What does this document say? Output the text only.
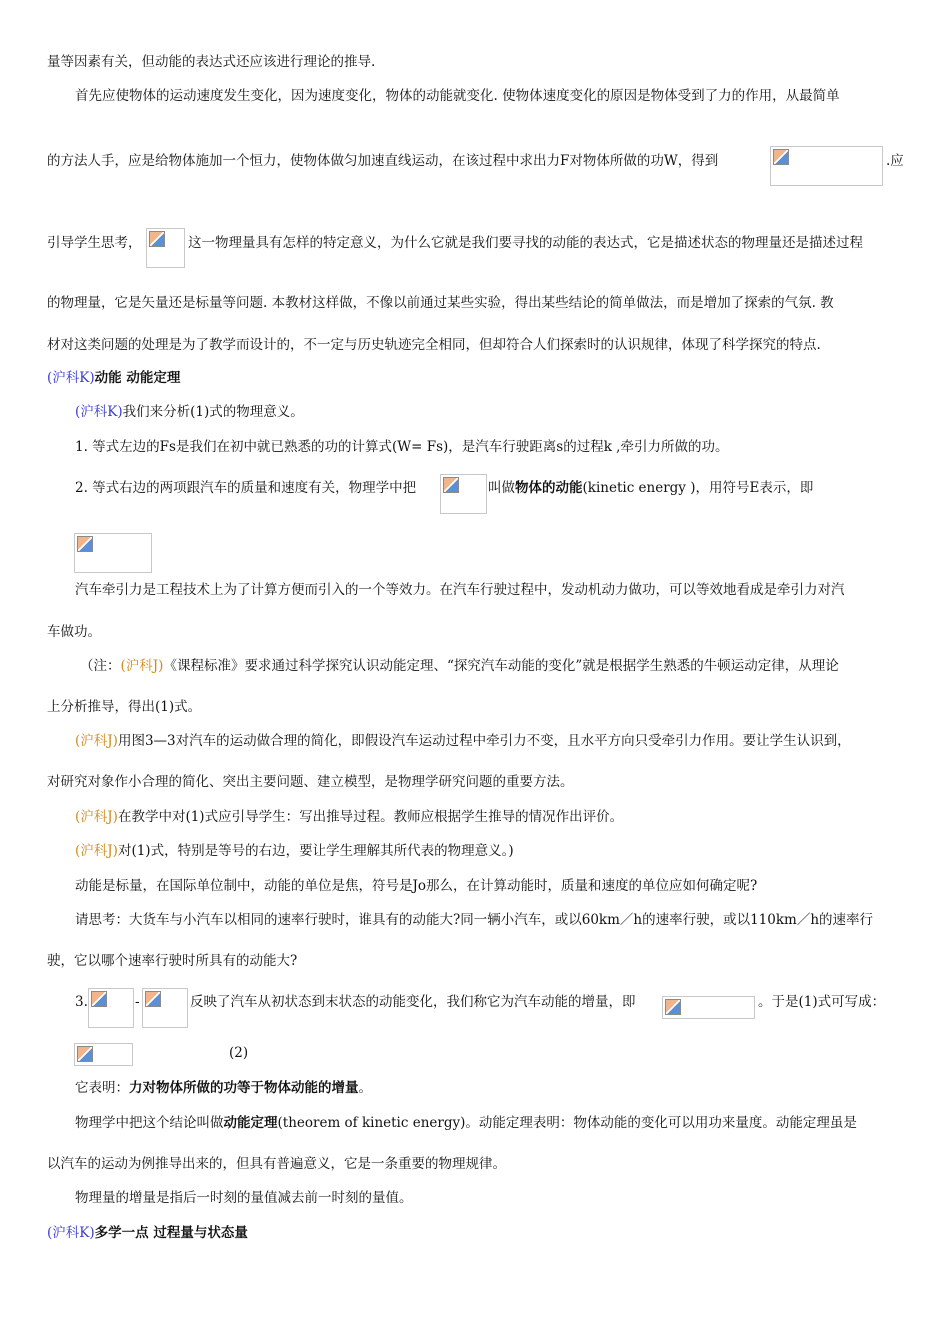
量等因素有关，但动能的表达式还应该进行理论的推导.
首先应使物体的运动速度发生变化，因为速度变化，物体的动能就变化. 使物体速度变化的原因是物体受到了力的作用，从最简单
的方法人手，应是给物体施加一个恒力，使物体做匀加速直线运动，在该过程中求出力F对物体所做的功W，得到	.应
引导学生思考，	这一物理量具有怎样的特定意义，为什么它就是我们要寻找的动能的表达式，它是描述状态的物理量还是描述过程
的物理量，它是矢量还是标量等问题. 本教材这样做，不像以前通过某些实验，得出某些结论的简单做法，而是增加了探索的气氛. 教
材对这类问题的处理是为了教学而设计的，不一定与历史轨迹完全相同，但却符合人们探索时的认识规律，体现了科学探究的特点.
(沪科K)动能 动能定理
(沪科K)我们来分析(1)式的物理意义。
1. 等式左边的Fs是我们在初中就已熟悉的功的计算式(W= Fs)，是汽车行驶距离s的过程k ,牵引力所做的功。
2. 等式右边的两项跟汽车的质量和速度有关，物理学中把	叫做物体的动能(kinetic energy )，用符号E表示，即
汽车牵引力是工程技术上为了计算方便而引入的一个等效力。在汽车行驶过程中，发动机动力做功，可以等效地看成是牵引力对汽
车做功。
（注：(沪科J)《课程标准》要求通过科学探究认识动能定理、“探究汽车动能的变化”就是根据学生熟悉的牛顿运动定律，从理论
上分析推导，得出(1)式。
(沪科J)用图3—3对汽车的运动做合理的简化，即假设汽车运动过程中牵引力不变，且水平方向只受牵引力作用。要让学生认识到，
对研究对象作小合理的简化、突出主要问题、建立模型，是物理学研究问题的重要方法。
(沪科J)在教学中对(1)式应引导学生：写出推导过程。教师应根据学生推导的情况作出评价。
(沪科J)对(1)式，特别是等号的右边，要让学生理解其所代表的物理意义。)
动能是标量，在国际单位制中，动能的单位是焦，符号是Jo那么，在计算动能时，质量和速度的单位应如何确定呢?
请思考：大货车与小汽车以相同的速率行驶时，谁具有的动能大?同一辆小汽车，或以60km／h的速率行驶，或以110km／h的速率行
驶，它以哪个速率行驶时所具有的动能大?
3.	-	反映了汽车从初状态到末状态的动能变化，我们称它为汽车动能的增量，即	。于是(1)式可写成：
(2)
它表明：力对物体所做的功等于物体动能的增量。
物理学中把这个结论叫做动能定理(theorem of kinetic energy)。动能定理表明：物体动能的变化可以用功来量度。动能定理虽是
以汽车的运动为例推导出来的，但具有普遍意义，它是一条重要的物理规律。
物理量的增量是指后一时刻的量值减去前一时刻的量值。
(沪科K)多学一点 过程量与状态量
